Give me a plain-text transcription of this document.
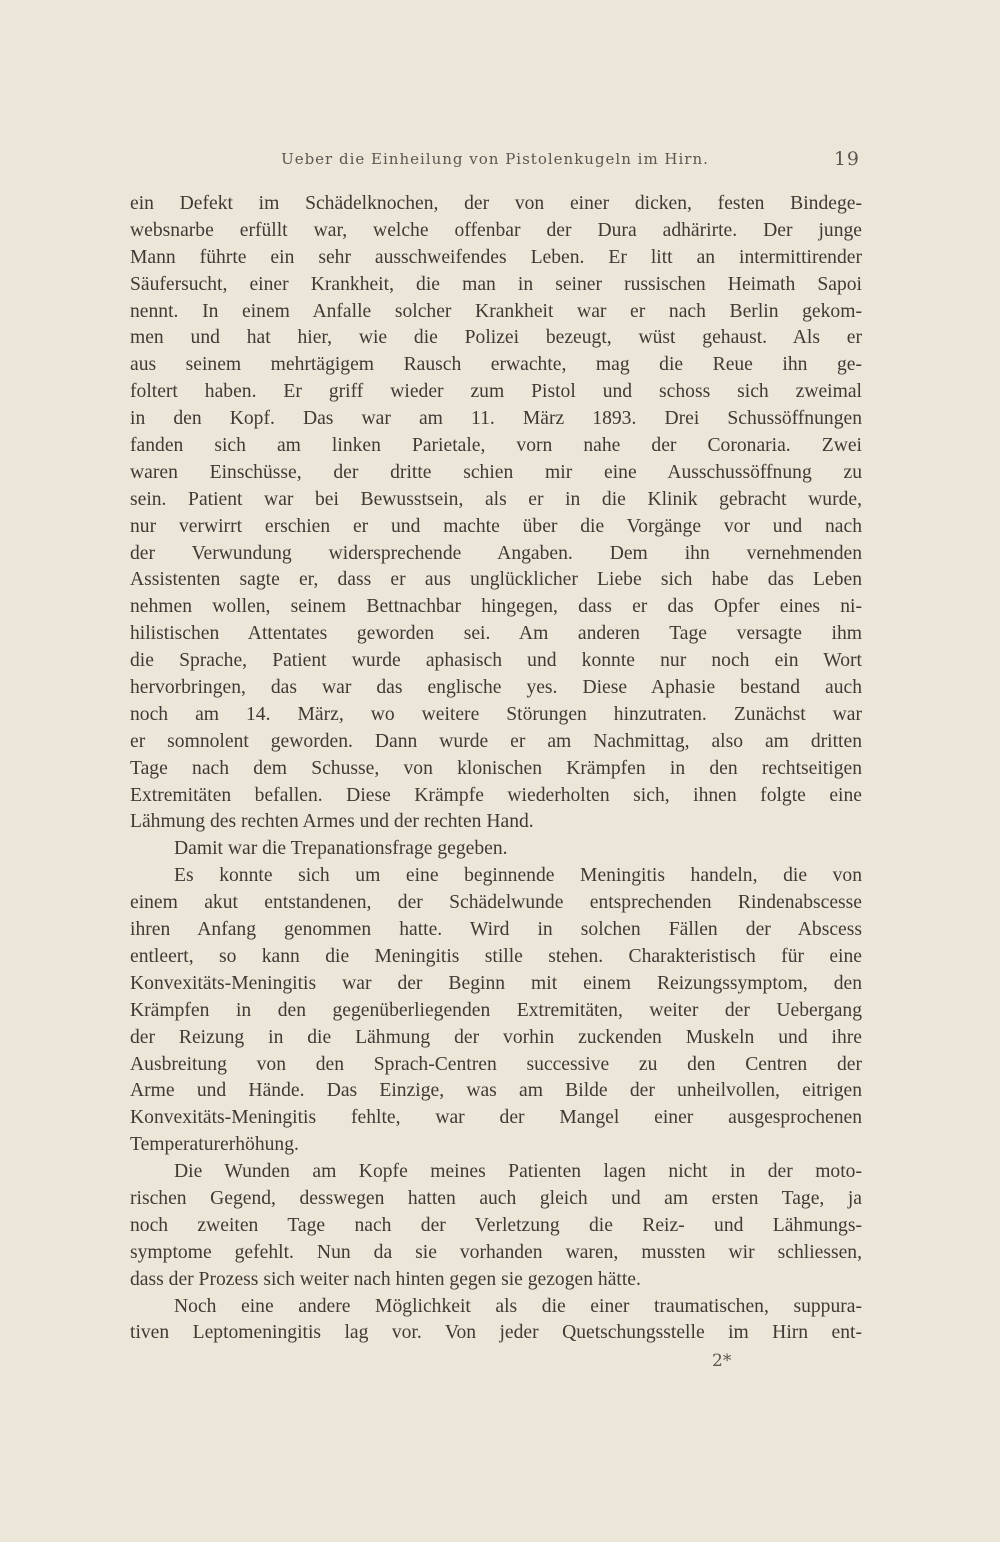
Ueber die Einheilung von Pistolenkugeln im Hirn.	19
ein Defekt im Schädelknochen, der von einer dicken, festen Bindege-
websnarbe erfüllt war, welche offenbar der Dura adhärirte. Der junge
Mann führte ein sehr ausschweifendes Leben. Er litt an intermittirender
Säufersucht, einer Krankheit, die man in seiner russischen Heimath Sapoi
nennt. In einem Anfalle solcher Krankheit war er nach Berlin gekom-
men und hat hier, wie die Polizei bezeugt, wüst gehaust. Als er
aus seinem mehrtägigem Rausch erwachte, mag die Reue ihn ge-
foltert haben. Er griff wieder zum Pistol und schoss sich zweimal
in den Kopf. Das war am 11. März 1893. Drei Schussöffnungen
fanden sich am linken Parietale, vorn nahe der Coronaria. Zwei
waren Einschüsse, der dritte schien mir eine Ausschussöffnung zu
sein. Patient war bei Bewusstsein, als er in die Klinik gebracht wurde,
nur verwirrt erschien er und machte über die Vorgänge vor und nach
der Verwundung widersprechende Angaben. Dem ihn vernehmenden
Assistenten sagte er, dass er aus unglücklicher Liebe sich habe das Leben
nehmen wollen, seinem Bettnachbar hingegen, dass er das Opfer eines ni-
hilistischen Attentates geworden sei. Am anderen Tage versagte ihm
die Sprache, Patient wurde aphasisch und konnte nur noch ein Wort
hervorbringen, das war das englische yes. Diese Aphasie bestand auch
noch am 14. März, wo weitere Störungen hinzutraten. Zunächst war
er somnolent geworden. Dann wurde er am Nachmittag, also am dritten
Tage nach dem Schusse, von klonischen Krämpfen in den rechtseitigen
Extremitäten befallen. Diese Krämpfe wiederholten sich, ihnen folgte eine
Lähmung des rechten Armes und der rechten Hand.
Damit war die Trepanationsfrage gegeben.
Es konnte sich um eine beginnende Meningitis handeln, die von
einem akut entstandenen, der Schädelwunde entsprechenden Rindenabscesse
ihren Anfang genommen hatte. Wird in solchen Fällen der Abscess
entleert, so kann die Meningitis stille stehen. Charakteristisch für eine
Konvexitäts-Meningitis war der Beginn mit einem Reizungssymptom, den
Krämpfen in den gegenüberliegenden Extremitäten, weiter der Uebergang
der Reizung in die Lähmung der vorhin zuckenden Muskeln und ihre
Ausbreitung von den Sprach-Centren successive zu den Centren der
Arme und Hände. Das Einzige, was am Bilde der unheilvollen, eitrigen
Konvexitäts-Meningitis fehlte, war der Mangel einer ausgesprochenen
Temperaturerhöhung.
Die Wunden am Kopfe meines Patienten lagen nicht in der moto-
rischen Gegend, desswegen hatten auch gleich und am ersten Tage, ja
noch zweiten Tage nach der Verletzung die Reiz- und Lähmungs-
symptome gefehlt. Nun da sie vorhanden waren, mussten wir schliessen,
dass der Prozess sich weiter nach hinten gegen sie gezogen hätte.
Noch eine andere Möglichkeit als die einer traumatischen, suppura-
tiven Leptomeningitis lag vor. Von jeder Quetschungsstelle im Hirn ent-
2*
